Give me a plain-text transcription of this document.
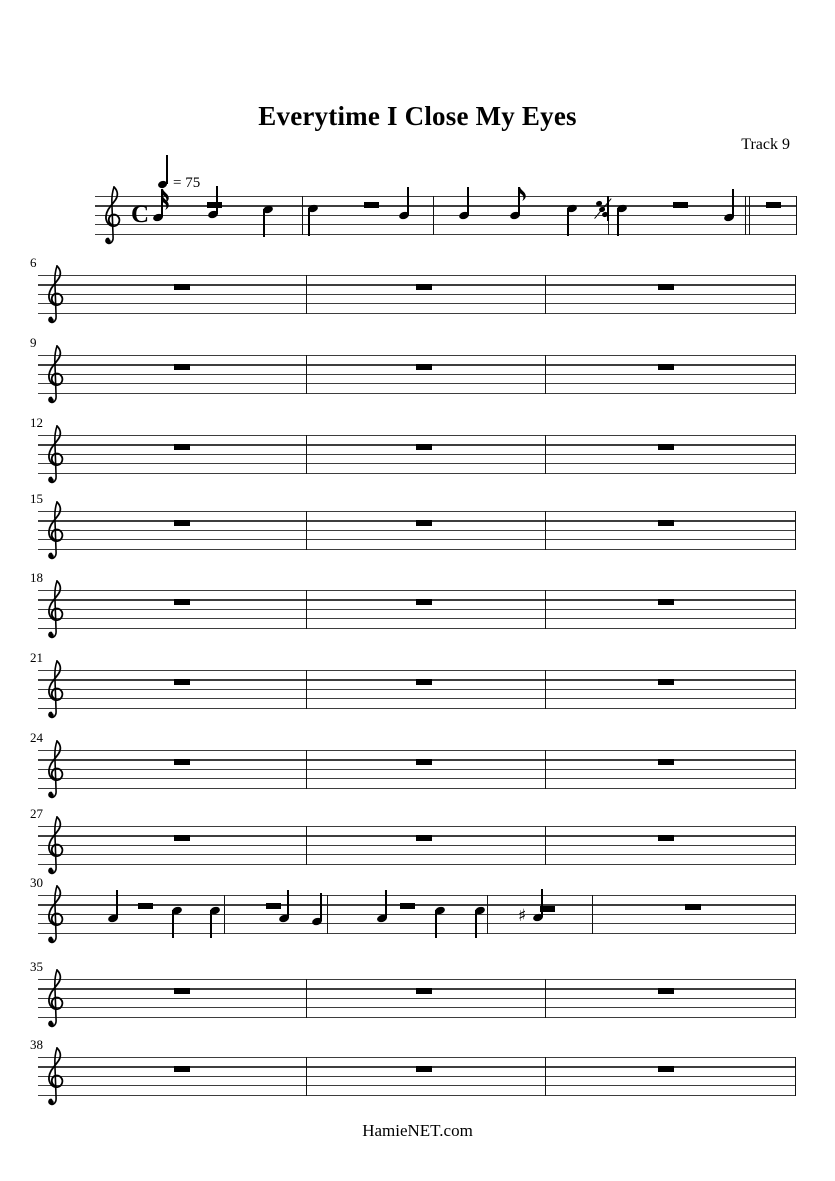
Everytime I Close My Eyes
Track 9
C
= 75
6
9
12
15
18
21
24
27
30
♯
35
38
HamieNET.com
